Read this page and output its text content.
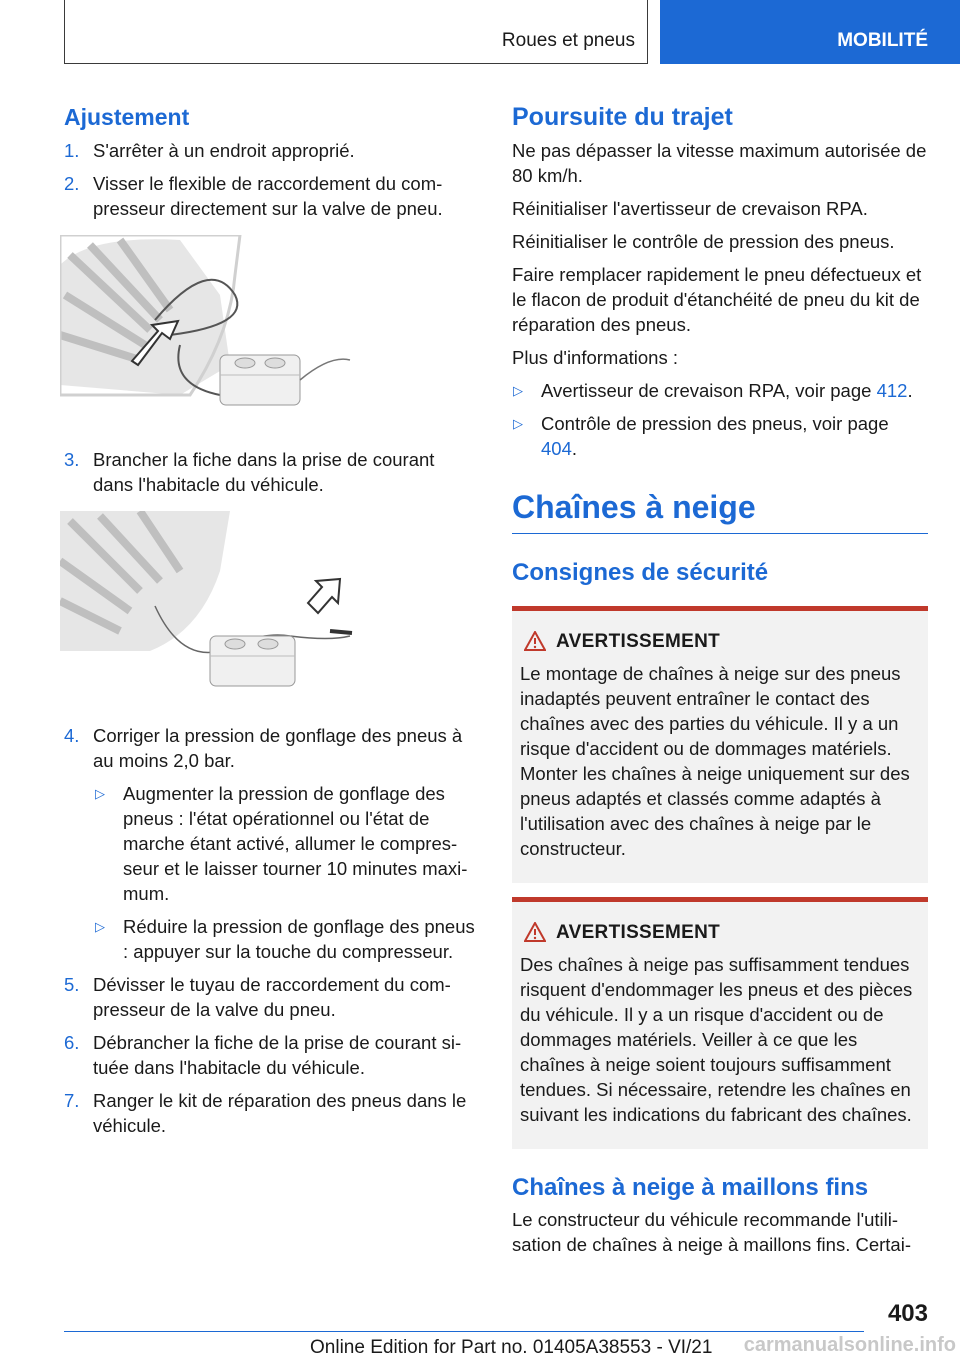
Roues et pneus	MOBILITÉ
Ajustement
1. S'arrêter à un endroit approprié.
2. Visser le flexible de raccordement du compresseur directement sur la valve de pneu.
3. Brancher la fiche dans la prise de courant dans l'habitacle du véhicule.
4. Corriger la pression de gonflage des pneus à au moins 2,0 bar.
▷ Augmenter la pression de gonflage des pneus : l'état opérationnel ou l'état de marche étant activé, allumer le compresseur et le laisser tourner 10 minutes maximum.
▷ Réduire la pression de gonflage des pneus : appuyer sur la touche du compresseur.
5. Dévisser le tuyau de raccordement du compresseur de la valve du pneu.
6. Débrancher la fiche de la prise de courant située dans l'habitacle du véhicule.
7. Ranger le kit de réparation des pneus dans le véhicule.
Poursuite du trajet

Ne pas dépasser la vitesse maximum autorisée de 80 km/h.

Réinitialiser l'avertisseur de crevaison RPA.

Réinitialiser le contrôle de pression des pneus.

Faire remplacer rapidement le pneu défectueux et le flacon de produit d'étanchéité de pneu du kit de réparation des pneus.

Plus d'informations :

▷ Avertisseur de crevaison RPA, voir page 412.
▷ Contrôle de pression des pneus, voir page 404.
Chaînes à neige
Consignes de sécurité
AVERTISSEMENT

Le montage de chaînes à neige sur des pneus inadaptés peuvent entraîner le contact des chaînes avec des parties du véhicule. Il y a un risque d'accident ou de dommages matériels. Monter les chaînes à neige uniquement sur des pneus adaptés et classés comme adaptés à l'utilisation avec des chaînes à neige par le constructeur.

AVERTISSEMENT

Des chaînes à neige pas suffisamment tendues risquent d'endommager les pneus et des pièces du véhicule. Il y a un risque d'accident ou de dommages matériels. Veiller à ce que les chaînes à neige soient toujours suffisamment tendues. Si nécessaire, retendre les chaînes en suivant les indications du fabricant des chaînes.

Chaînes à neige à maillons fins

Le constructeur du véhicule recommande l'utilisation de chaînes à neige à maillons fins. Certai-

403
Online Edition for Part no. 01405A38553 - VI/21 carmanualsonline.info
